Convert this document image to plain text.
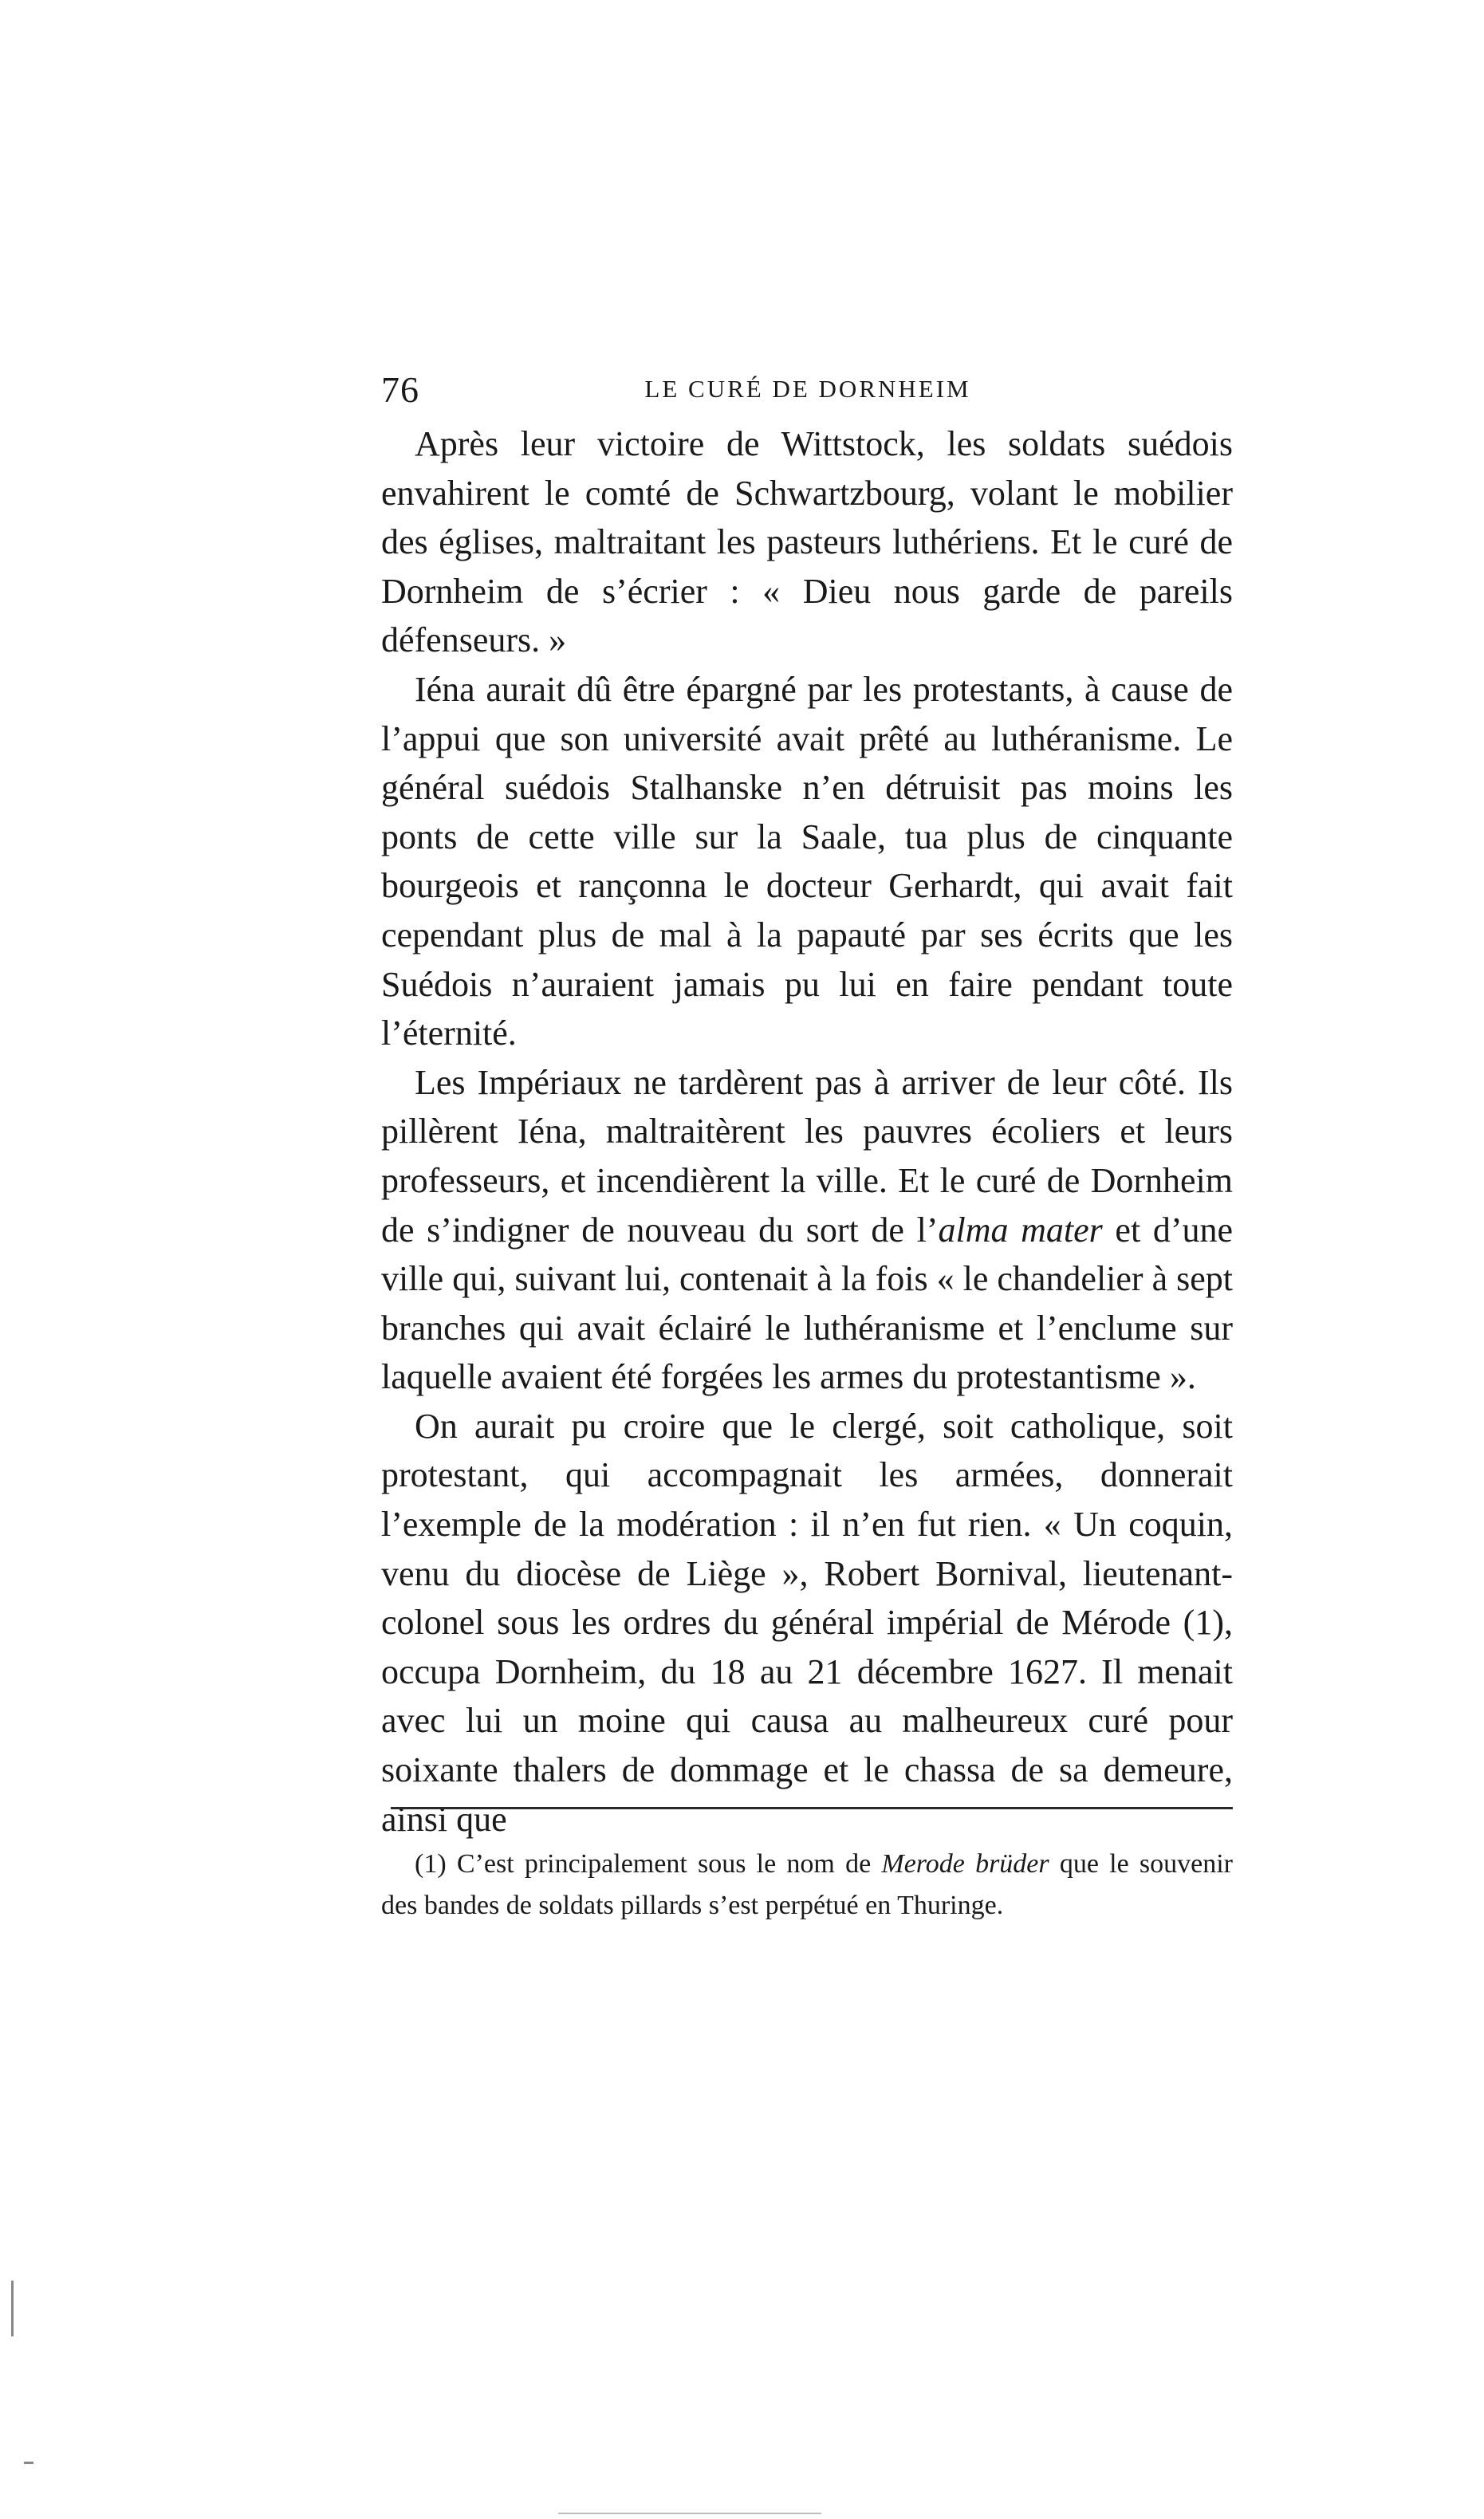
76	LE CURÉ DE DORNHEIM

Après leur victoire de Wittstock, les soldats suédois envahirent le comté de Schwartzbourg, volant le mobilier des églises, maltraitant les pasteurs luthériens. Et le curé de Dornheim de s’écrier : « Dieu nous garde de pareils défenseurs. »

Iéna aurait dû être épargné par les protestants, à cause de l’appui que son université avait prêté au luthéranisme. Le général suédois Stalhanske n’en détruisit pas moins les ponts de cette ville sur la Saale, tua plus de cinquante bourgeois et rançonna le docteur Gerhardt, qui avait fait cependant plus de mal à la papauté par ses écrits que les Suédois n’auraient jamais pu lui en faire pendant toute l’éternité.

Les Impériaux ne tardèrent pas à arriver de leur côté. Ils pillèrent Iéna, maltraitèrent les pauvres écoliers et leurs professeurs, et incendièrent la ville. Et le curé de Dornheim de s’indigner de nouveau du sort de l’alma mater et d’une ville qui, suivant lui, contenait à la fois « le chandelier à sept branches qui avait éclairé le luthéranisme et l’enclume sur laquelle avaient été forgées les armes du protestantisme ».

On aurait pu croire que le clergé, soit catholique, soit protestant, qui accompagnait les armées, donnerait l’exemple de la modération : il n’en fut rien. « Un coquin, venu du diocèse de Liège », Robert Bornival, lieutenant-colonel sous les ordres du général impérial de Mérode (1), occupa Dornheim, du 18 au 21 décembre 1627. Il menait avec lui un moine qui causa au malheureux curé pour soixante thalers de dommage et le chassa de sa demeure, ainsi que

(1) C’est principalement sous le nom de Merode brüder que le souvenir des bandes de soldats pillards s’est perpétué en Thuringe.
